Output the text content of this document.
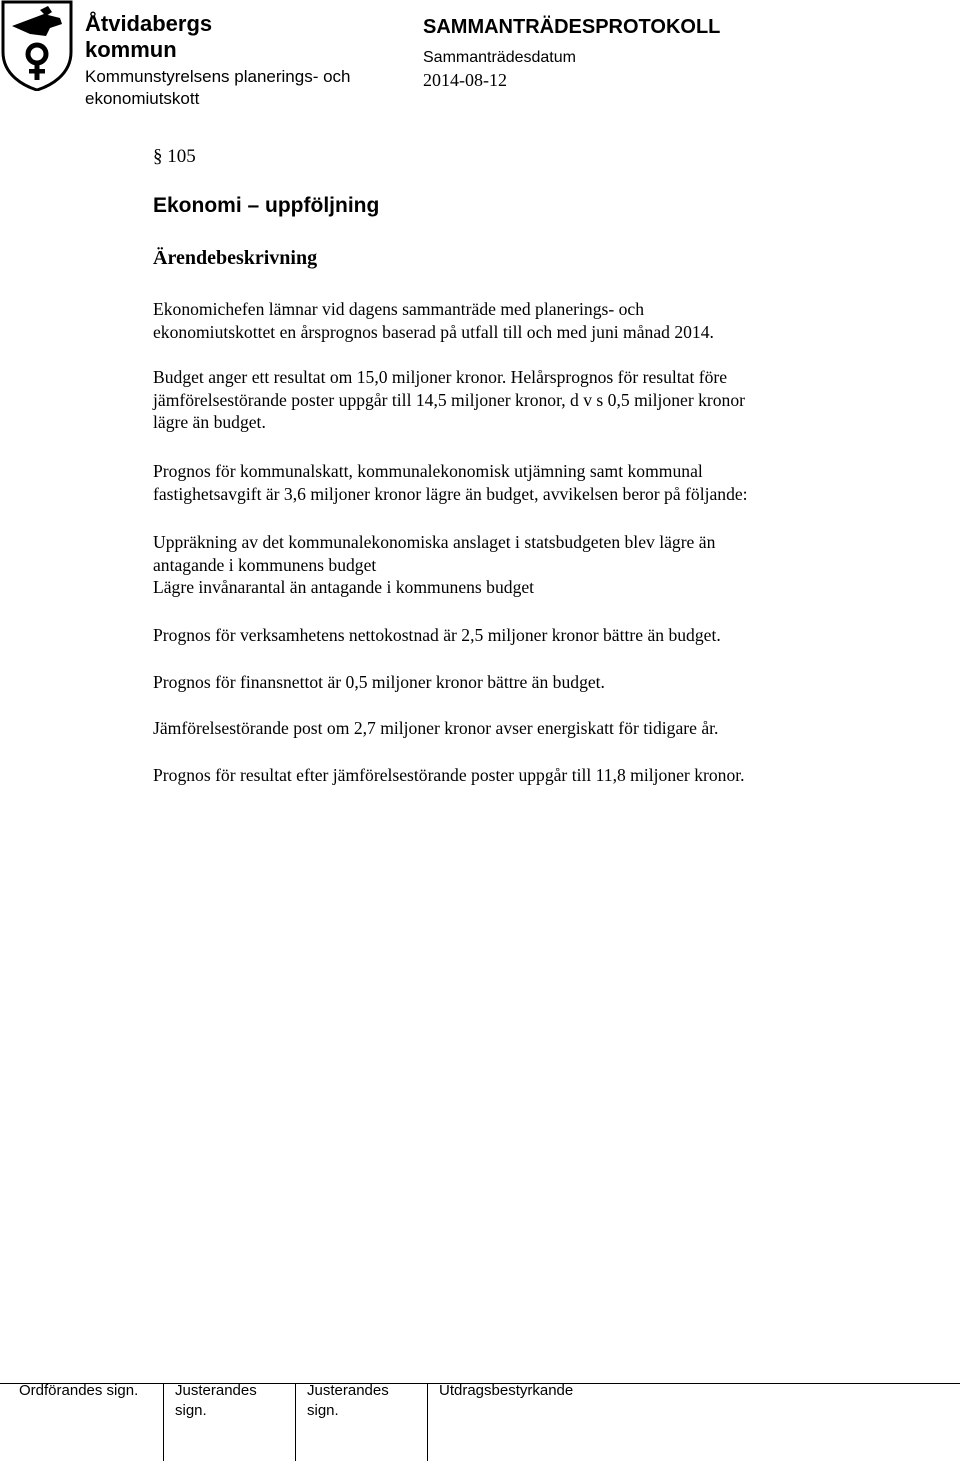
Åtvidabergs
kommun
Kommunstyrelsens planerings- och
ekonomiutskott
SAMMANTRÄDESPROTOKOLL
Sammanträdesdatum
2014-08-12
§ 105
Ekonomi – uppföljning
Ärendebeskrivning
Ekonomichefen lämnar vid dagens sammanträde med planerings- och
ekonomiutskottet en årsprognos baserad på utfall till och med juni månad 2014.
Budget anger ett resultat om 15,0 miljoner kronor. Helårsprognos för resultat före
jämförelsestörande poster uppgår till 14,5 miljoner kronor, d v s 0,5 miljoner kronor
lägre än budget.
Prognos för kommunalskatt, kommunalekonomisk utjämning samt kommunal
fastighetsavgift är 3,6 miljoner kronor lägre än budget, avvikelsen beror på följande:
Uppräkning av det kommunalekonomiska anslaget i statsbudgeten blev lägre än
antagande i kommunens budget
Lägre invånarantal än antagande i kommunens budget
Prognos för verksamhetens nettokostnad är 2,5 miljoner kronor bättre än budget.
Prognos för finansnettot är 0,5 miljoner kronor bättre än budget.
Jämförelsestörande post om 2,7 miljoner kronor avser energiskatt för tidigare år.
Prognos för resultat efter jämförelsestörande poster uppgår till 11,8 miljoner kronor.
Ordförandes sign. Justerandes
sign.
Justerandes
sign.
Utdragsbestyrkande
